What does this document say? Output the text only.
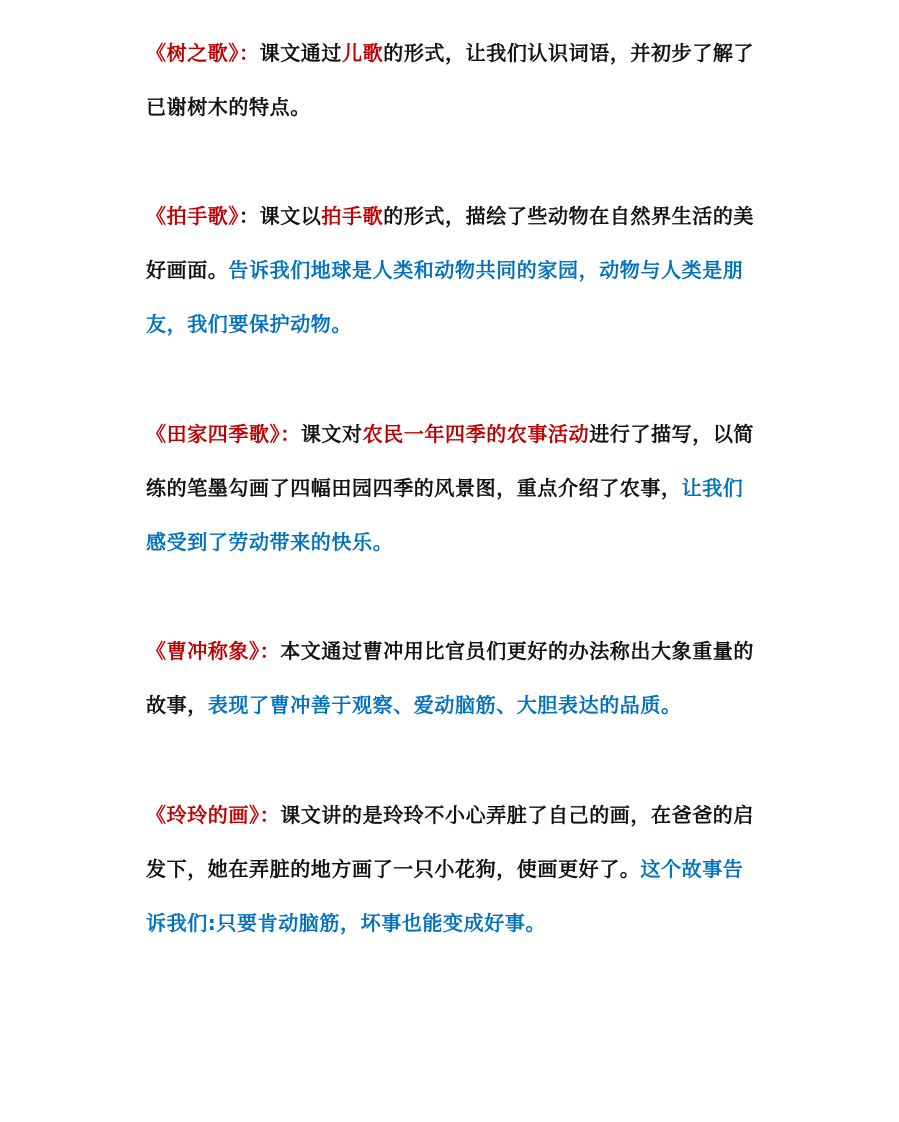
《树之歌》：课文通过儿歌的形式，让我们认识词语，并初步了解了已谢树木的特点。

《拍手歌》：课文以拍手歌的形式，描绘了些动物在自然界生活的美好画面。告诉我们地球是人类和动物共同的家园，动物与人类是朋友，我们要保护动物。

《田家四季歌》：课文对农民一年四季的农事活动进行了描写，以简练的笔墨勾画了四幅田园四季的风景图，重点介绍了农事，让我们感受到了劳动带来的快乐。

《曹冲称象》：本文通过曹冲用比官员们更好的办法称出大象重量的故事，表现了曹冲善于观察、爱动脑筋、大胆表达的品质。

《玲玲的画》：课文讲的是玲玲不小心弄脏了自己的画，在爸爸的启发下，她在弄脏的地方画了一只小花狗，使画更好了。这个故事告诉我们:只要肯动脑筋，坏事也能变成好事。
